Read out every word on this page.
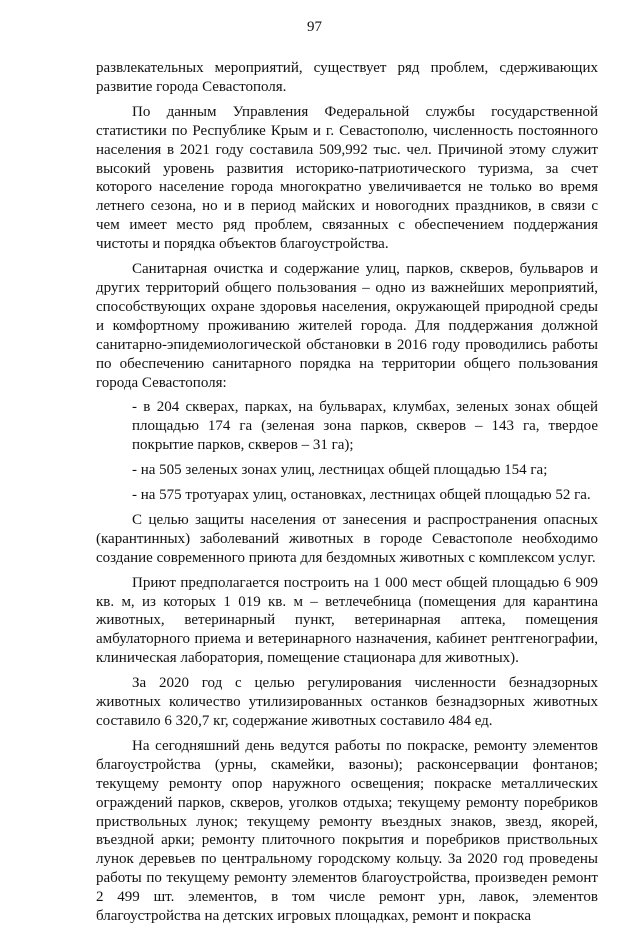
97

развлекательных мероприятий, существует ряд проблем, сдерживающих развитие города Севастополя.

По данным Управления Федеральной службы государственной статистики по Республике Крым и г. Севастополю, численность постоянного населения в 2021 году составила 509,992 тыс. чел. Причиной этому служит высокий уровень развития историко-патриотического туризма, за счет которого население города многократно увеличивается не только во время летнего сезона, но и в период майских и новогодних праздников, в связи с чем имеет место ряд проблем, связанных с обеспечением поддержания чистоты и порядка объектов благоустройства.

Санитарная очистка и содержание улиц, парков, скверов, бульваров и других территорий общего пользования – одно из важнейших мероприятий, способствующих охране здоровья населения, окружающей природной среды и комфортному проживанию жителей города. Для поддержания должной санитарно-эпидемиологической обстановки в 2016 году проводились работы по обеспечению санитарного порядка на территории общего пользования города Севастополя:

- в 204 скверах, парках, на бульварах, клумбах, зеленых зонах общей площадью 174 га (зеленая зона парков, скверов – 143 га, твердое покрытие парков, скверов – 31 га);

- на 505 зеленых зонах улиц, лестницах общей площадью 154 га;

- на 575 тротуарах улиц, остановках, лестницах общей площадью 52 га.

С целью защиты населения от занесения и распространения опасных (карантинных) заболеваний животных в городе Севастополе необходимо создание современного приюта для бездомных животных с комплексом услуг.

Приют предполагается построить на 1 000 мест общей площадью 6 909 кв. м, из которых 1 019 кв. м – ветлечебница (помещения для карантина животных, ветеринарный пункт, ветеринарная аптека, помещения амбулаторного приема и ветеринарного назначения, кабинет рентгенографии, клиническая лаборатория, помещение стационара для животных).

За 2020 год с целью регулирования численности безнадзорных животных количество утилизированных останков безнадзорных животных составило 6 320,7 кг, содержание животных составило 484 ед.

На сегодняшний день ведутся работы по покраске, ремонту элементов благоустройства (урны, скамейки, вазоны); расконсервации фонтанов; текущему ремонту опор наружного освещения; покраске металлических ограждений парков, скверов, уголков отдыха; текущему ремонту поребриков приствольных лунок; текущему ремонту въездных знаков, звезд, якорей, въездной арки; ремонту плиточного покрытия и поребриков приствольных лунок деревьев по центральному городскому кольцу. За 2020 год проведены работы по текущему ремонту элементов благоустройства, произведен ремонт 2 499 шт. элементов, в том числе ремонт урн, лавок, элементов благоустройства на детских игровых площадках, ремонт и покраска
